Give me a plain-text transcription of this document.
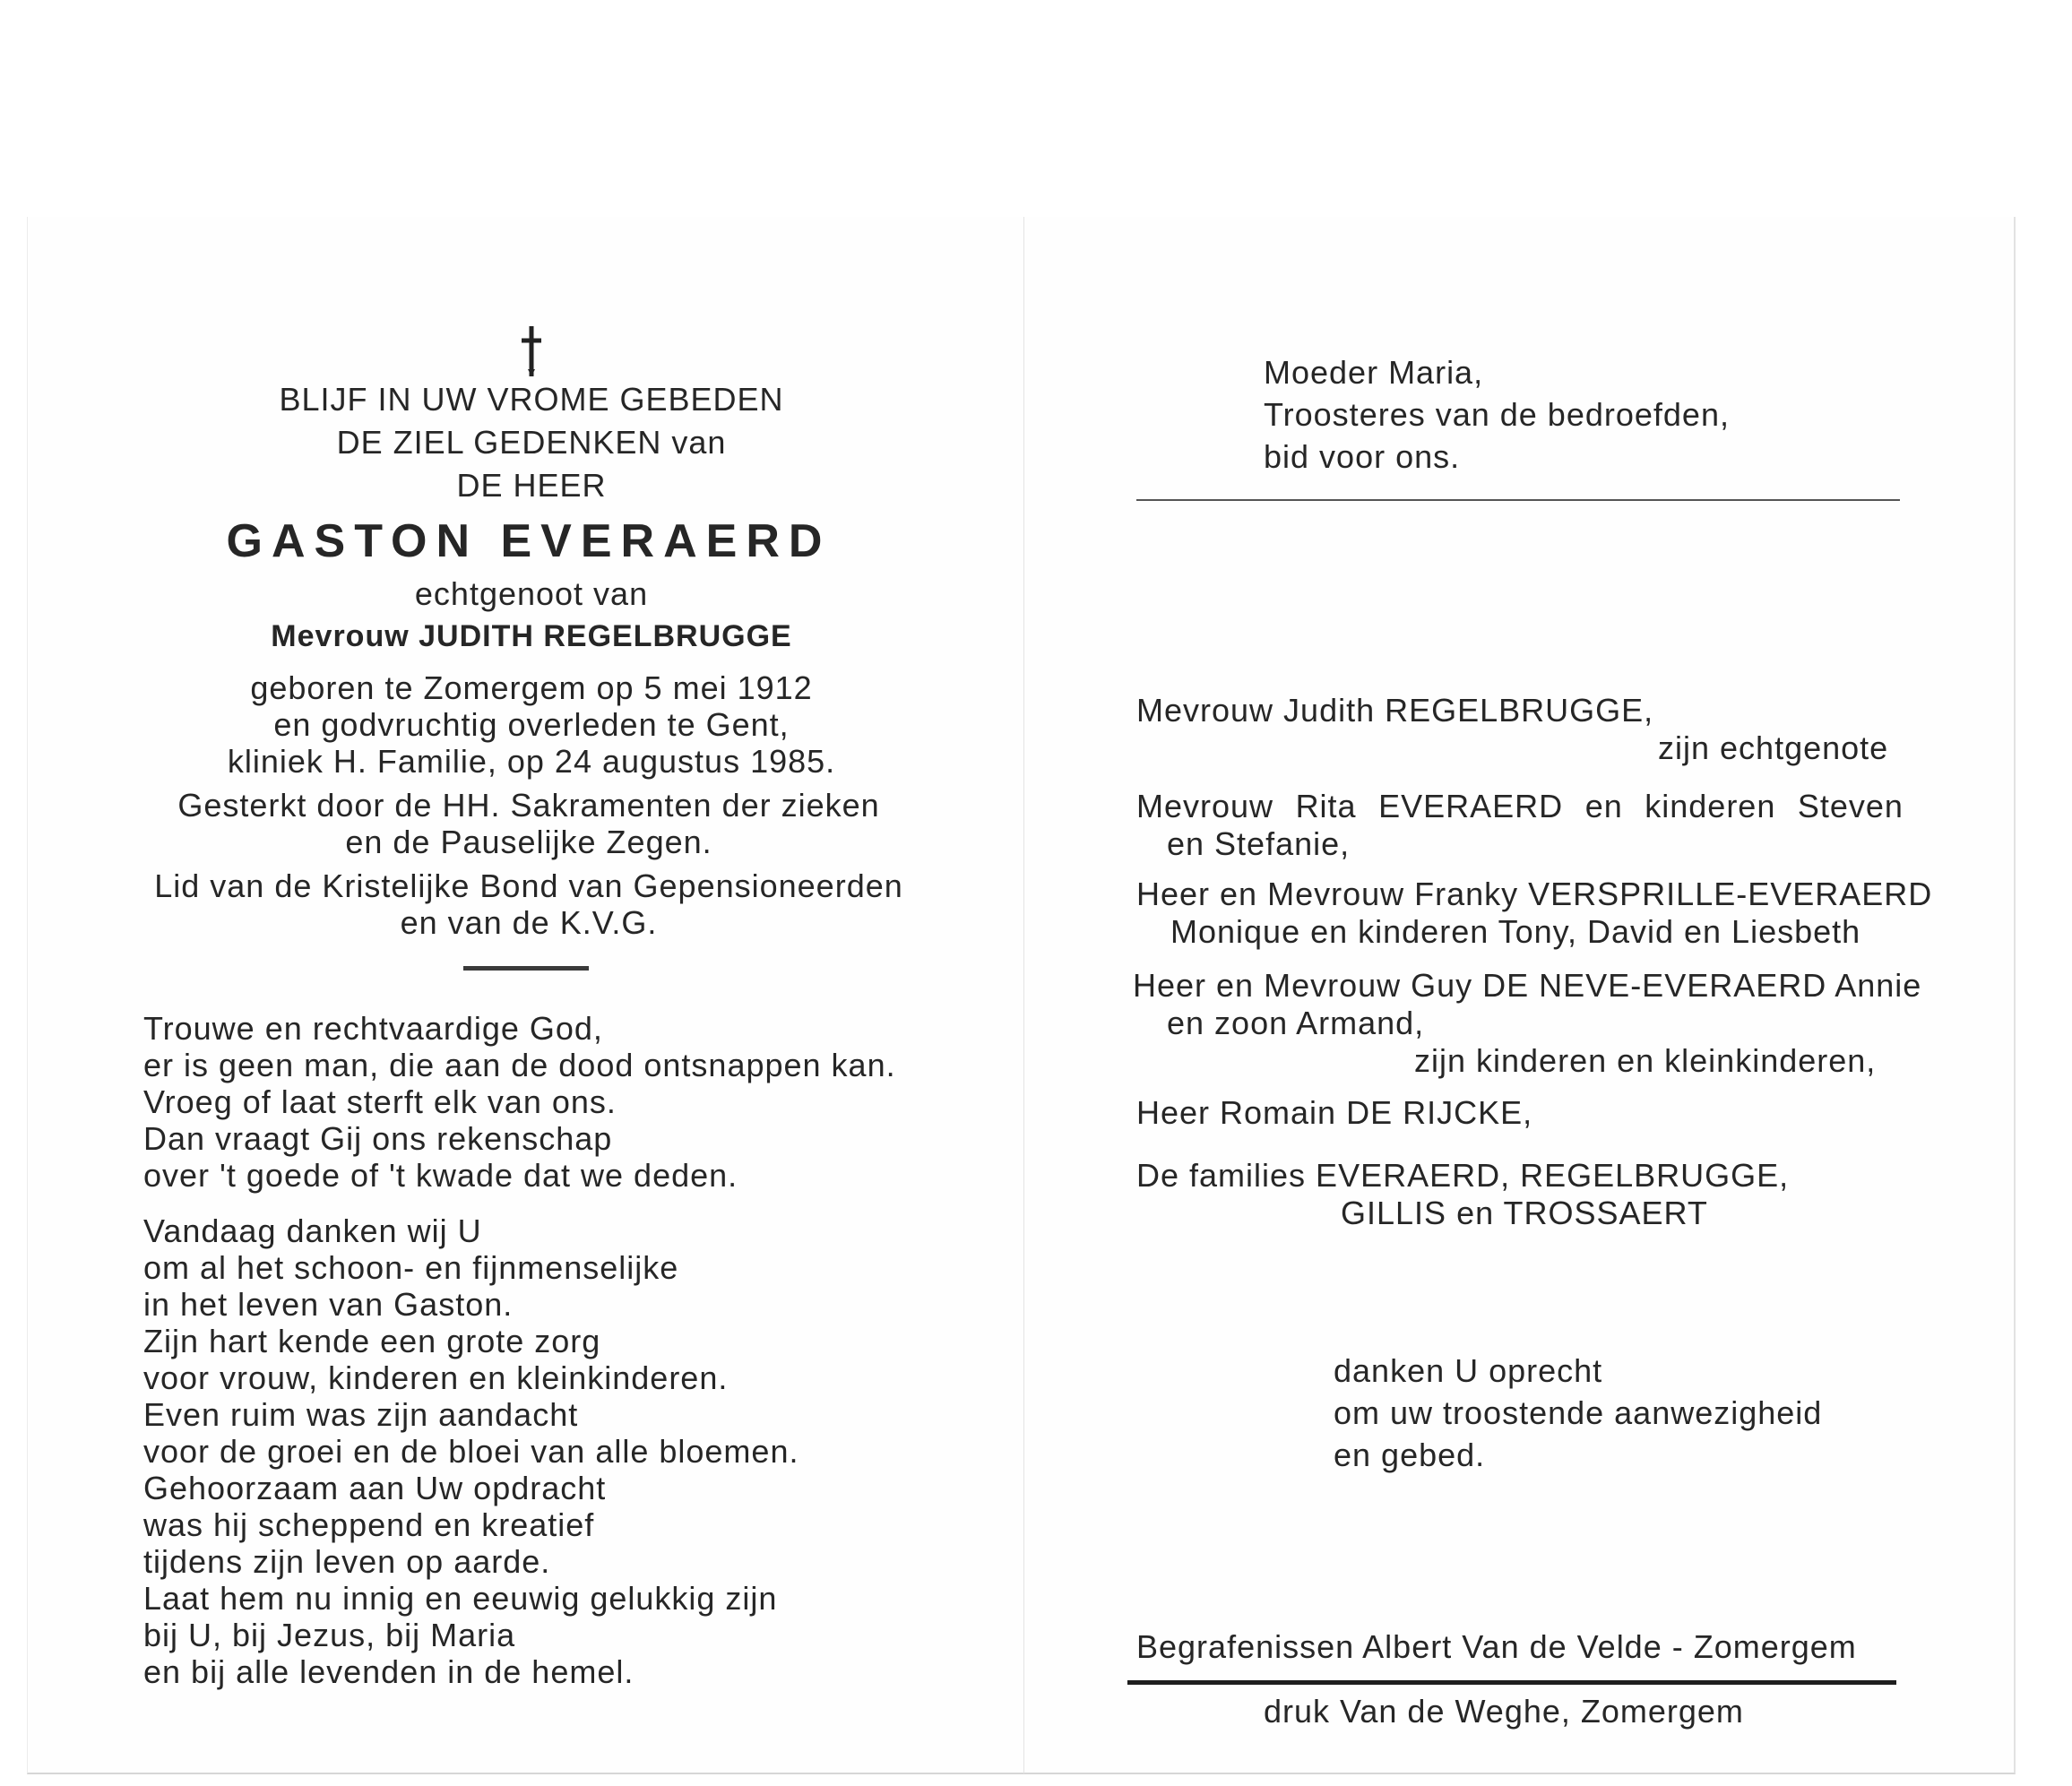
BLIJF IN UW VROME GEBEDEN
DE ZIEL GEDENKEN van
DE HEER
GASTON EVERAERD
echtgenoot van
Mevrouw JUDITH REGELBRUGGE
geboren te Zomergem op 5 mei 1912
en godvruchtig overleden te Gent,
kliniek H. Familie, op 24 augustus 1985.
Gesterkt door de HH. Sakramenten der zieken
en de Pauselijke Zegen.
Lid van de Kristelijke Bond van Gepensioneerden
en van de K.V.G.
Trouwe en rechtvaardige God,
er is geen man, die aan de dood ontsnappen kan.
Vroeg of laat sterft elk van ons.
Dan vraagt Gij ons rekenschap
over 't goede of 't kwade dat we deden.
Vandaag danken wij U
om al het schoon- en fijnmenselijke
in het leven van Gaston.
Zijn hart kende een grote zorg
voor vrouw, kinderen en kleinkinderen.
Even ruim was zijn aandacht
voor de groei en de bloei van alle bloemen.
Gehoorzaam aan Uw opdracht
was hij scheppend en kreatief
tijdens zijn leven op aarde.
Laat hem nu innig en eeuwig gelukkig zijn
bij U, bij Jezus, bij Maria
en bij alle levenden in de hemel.
Moeder Maria,
Troosteres van de bedroefden,
bid voor ons.
Mevrouw Judith REGELBRUGGE,
zijn echtgenote
Mevrouw Rita EVERAERD en kinderen Steven
en Stefanie,
Heer en Mevrouw Franky VERSPRILLE-EVERAERD
Monique en kinderen Tony, David en Liesbeth
Heer en Mevrouw Guy DE NEVE-EVERAERD Annie
en zoon Armand,
zijn kinderen en kleinkinderen,
Heer Romain DE RIJCKE,
De families EVERAERD, REGELBRUGGE,
GILLIS en TROSSAERT
danken U oprecht
om uw troostende aanwezigheid
en gebed.
Begrafenissen Albert Van de Velde - Zomergem
druk Van de Weghe, Zomergem
